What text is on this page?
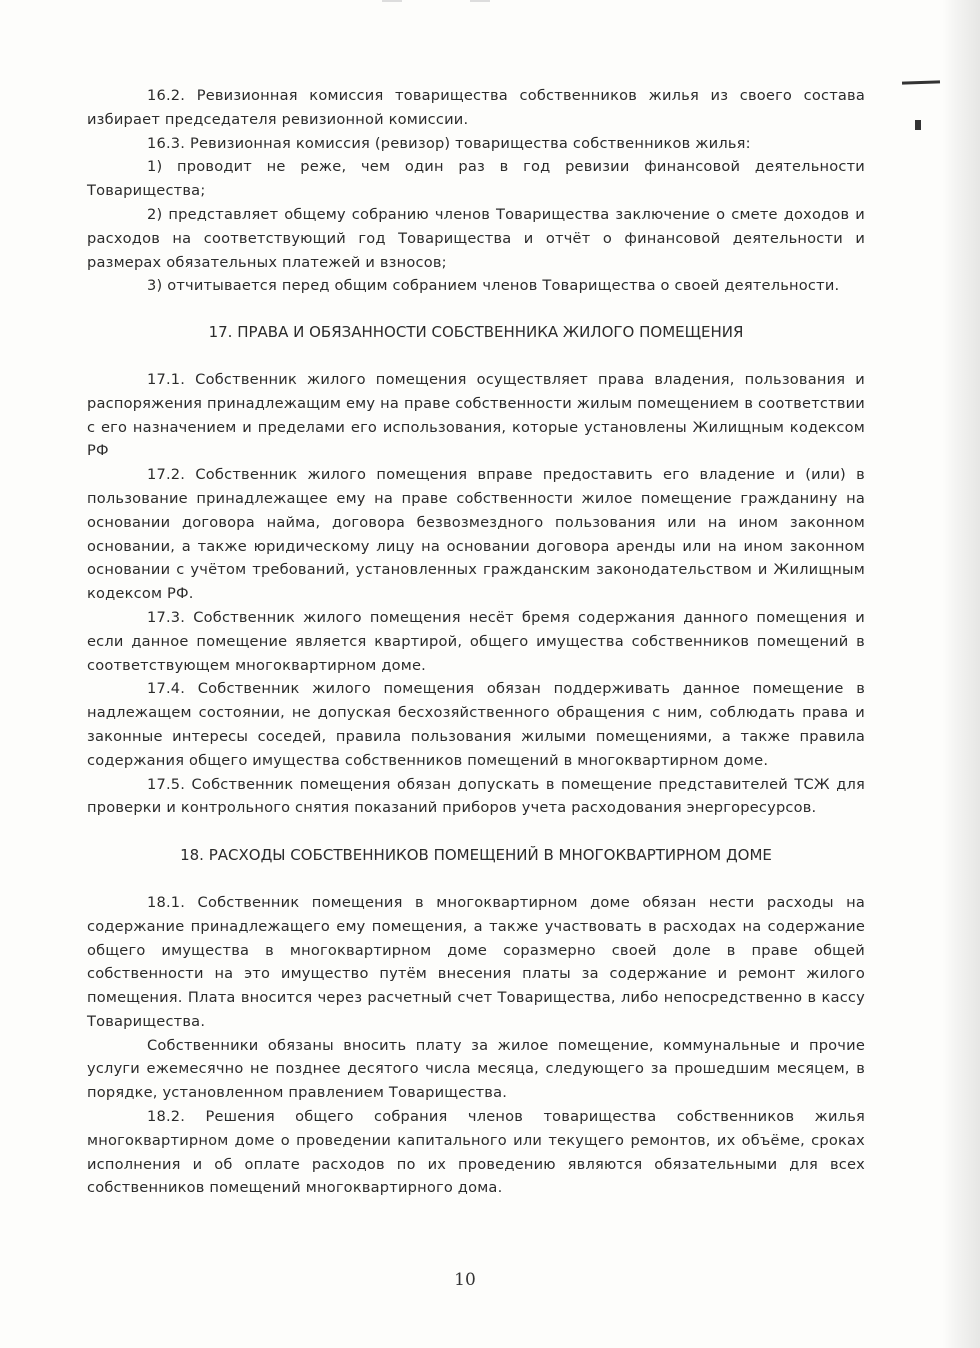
16.2. Ревизионная комиссия товарищества собственников жилья из своего состава избирает председателя ревизионной комиссии.

16.3. Ревизионная комиссия (ревизор) товарищества собственников жилья:

1) проводит не реже, чем один раз в год ревизии финансовой деятельности Товарищества;

2) представляет общему собранию членов Товарищества заключение о смете доходов и расходов на соответствующий год Товарищества и отчёт о финансовой деятельности и размерах обязательных платежей и взносов;

3) отчитывается перед общим собранием членов Товарищества о своей деятельности.

17. ПРАВА И ОБЯЗАННОСТИ СОБСТВЕННИКА ЖИЛОГО ПОМЕЩЕНИЯ

17.1. Собственник жилого помещения осуществляет права владения, пользования и распоряжения принадлежащим ему на праве собственности жилым помещением в соответствии с его назначением и пределами его использования, которые установлены Жилищным кодексом РФ

17.2. Собственник жилого помещения вправе предоставить его владение и (или) в пользование принадлежащее ему на праве собственности жилое помещение гражданину на основании договора найма, договора безвозмездного пользования или на ином законном основании, а также юридическому лицу на основании договора аренды или на ином законном основании с учётом требований, установленных гражданским законодательством и Жилищным кодексом РФ.

17.3. Собственник жилого помещения несёт бремя содержания данного помещения и если данное помещение является квартирой, общего имущества собственников помещений в соответствующем многоквартирном доме.

17.4. Собственник жилого помещения обязан поддерживать данное помещение в надлежащем состоянии, не допуская бесхозяйственного обращения с ним, соблюдать права и законные интересы соседей, правила пользования жилыми помещениями, а также правила содержания общего имущества собственников помещений в многоквартирном доме.

17.5. Собственник помещения обязан допускать в помещение представителей ТСЖ для проверки и контрольного снятия показаний приборов учета расходования энергоресурсов.

18. РАСХОДЫ СОБСТВЕННИКОВ ПОМЕЩЕНИЙ В МНОГОКВАРТИРНОМ ДОМЕ

18.1. Собственник помещения в многоквартирном доме обязан нести расходы на содержание принадлежащего ему помещения, а также участвовать в расходах на содержание общего имущества в многоквартирном доме соразмерно своей доле в праве общей собственности на это имущество путём внесения платы за содержание и ремонт жилого помещения. Плата вносится через расчетный счет Товарищества, либо непосредственно в кассу Товарищества.

Собственники обязаны вносить плату за жилое помещение, коммунальные и прочие услуги ежемесячно не позднее десятого числа месяца, следующего за прошедшим месяцем, в порядке, установленном правлением Товарищества.

18.2. Решения общего собрания членов товарищества собственников жилья многоквартирном доме о проведении капитального или текущего ремонтов, их объёме, сроках исполнения и об оплате расходов по их проведению являются обязательными для всех собственников помещений многоквартирного дома.

10
